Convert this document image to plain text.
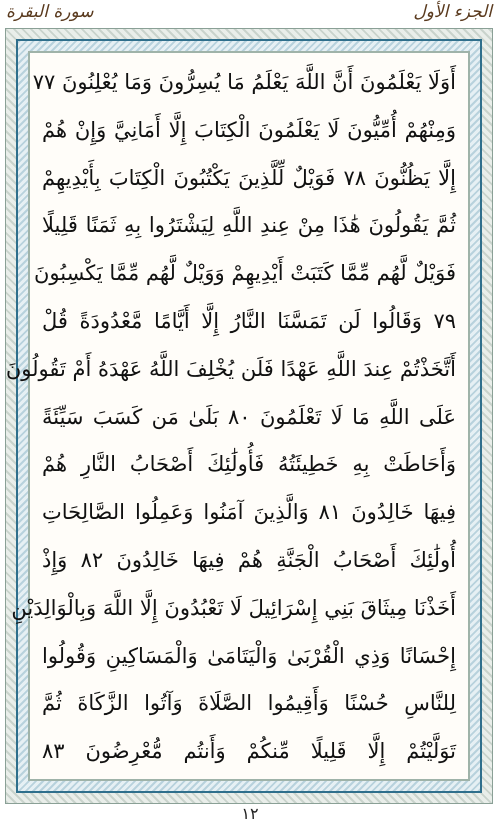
سورة البقرة	الجزء الأول
أَوَلَا يَعْلَمُونَ أَنَّ اللَّهَ يَعْلَمُ مَا يُسِرُّونَ وَمَا يُعْلِنُونَ ٧٧
وَمِنْهُمْ أُمِّيُّونَ لَا يَعْلَمُونَ الْكِتَابَ إِلَّا أَمَانِيَّ وَإِنْ هُمْ
إِلَّا يَظُنُّونَ ٧٨ فَوَيْلٌ لِّلَّذِينَ يَكْتُبُونَ الْكِتَابَ بِأَيْدِيهِمْ
ثُمَّ يَقُولُونَ هَٰذَا مِنْ عِندِ اللَّهِ لِيَشْتَرُوا بِهِ ثَمَنًا قَلِيلًا
فَوَيْلٌ لَّهُم مِّمَّا كَتَبَتْ أَيْدِيهِمْ وَوَيْلٌ لَّهُم مِّمَّا يَكْسِبُونَ
٧٩ وَقَالُوا لَن تَمَسَّنَا النَّارُ إِلَّا أَيَّامًا مَّعْدُودَةً قُلْ
أَتَّخَذْتُمْ عِندَ اللَّهِ عَهْدًا فَلَن يُخْلِفَ اللَّهُ عَهْدَهُ أَمْ تَقُولُونَ
عَلَى اللَّهِ مَا لَا تَعْلَمُونَ ٨٠ بَلَىٰ مَن كَسَبَ سَيِّئَةً
وَأَحَاطَتْ بِهِ خَطِيئَتُهُ فَأُولَٰئِكَ أَصْحَابُ النَّارِ هُمْ
فِيهَا خَالِدُونَ ٨١ وَالَّذِينَ آمَنُوا وَعَمِلُوا الصَّالِحَاتِ
أُولَٰئِكَ أَصْحَابُ الْجَنَّةِ هُمْ فِيهَا خَالِدُونَ ٨٢ وَإِذْ
أَخَذْنَا مِيثَاقَ بَنِي إِسْرَائِيلَ لَا تَعْبُدُونَ إِلَّا اللَّهَ وَبِالْوَالِدَيْنِ
إِحْسَانًا وَذِي الْقُرْبَىٰ وَالْيَتَامَىٰ وَالْمَسَاكِينِ وَقُولُوا
لِلنَّاسِ حُسْنًا وَأَقِيمُوا الصَّلَاةَ وَآتُوا الزَّكَاةَ ثُمَّ
تَوَلَّيْتُمْ إِلَّا قَلِيلًا مِّنكُمْ وَأَنتُم مُّعْرِضُونَ ٨٣
١٢
